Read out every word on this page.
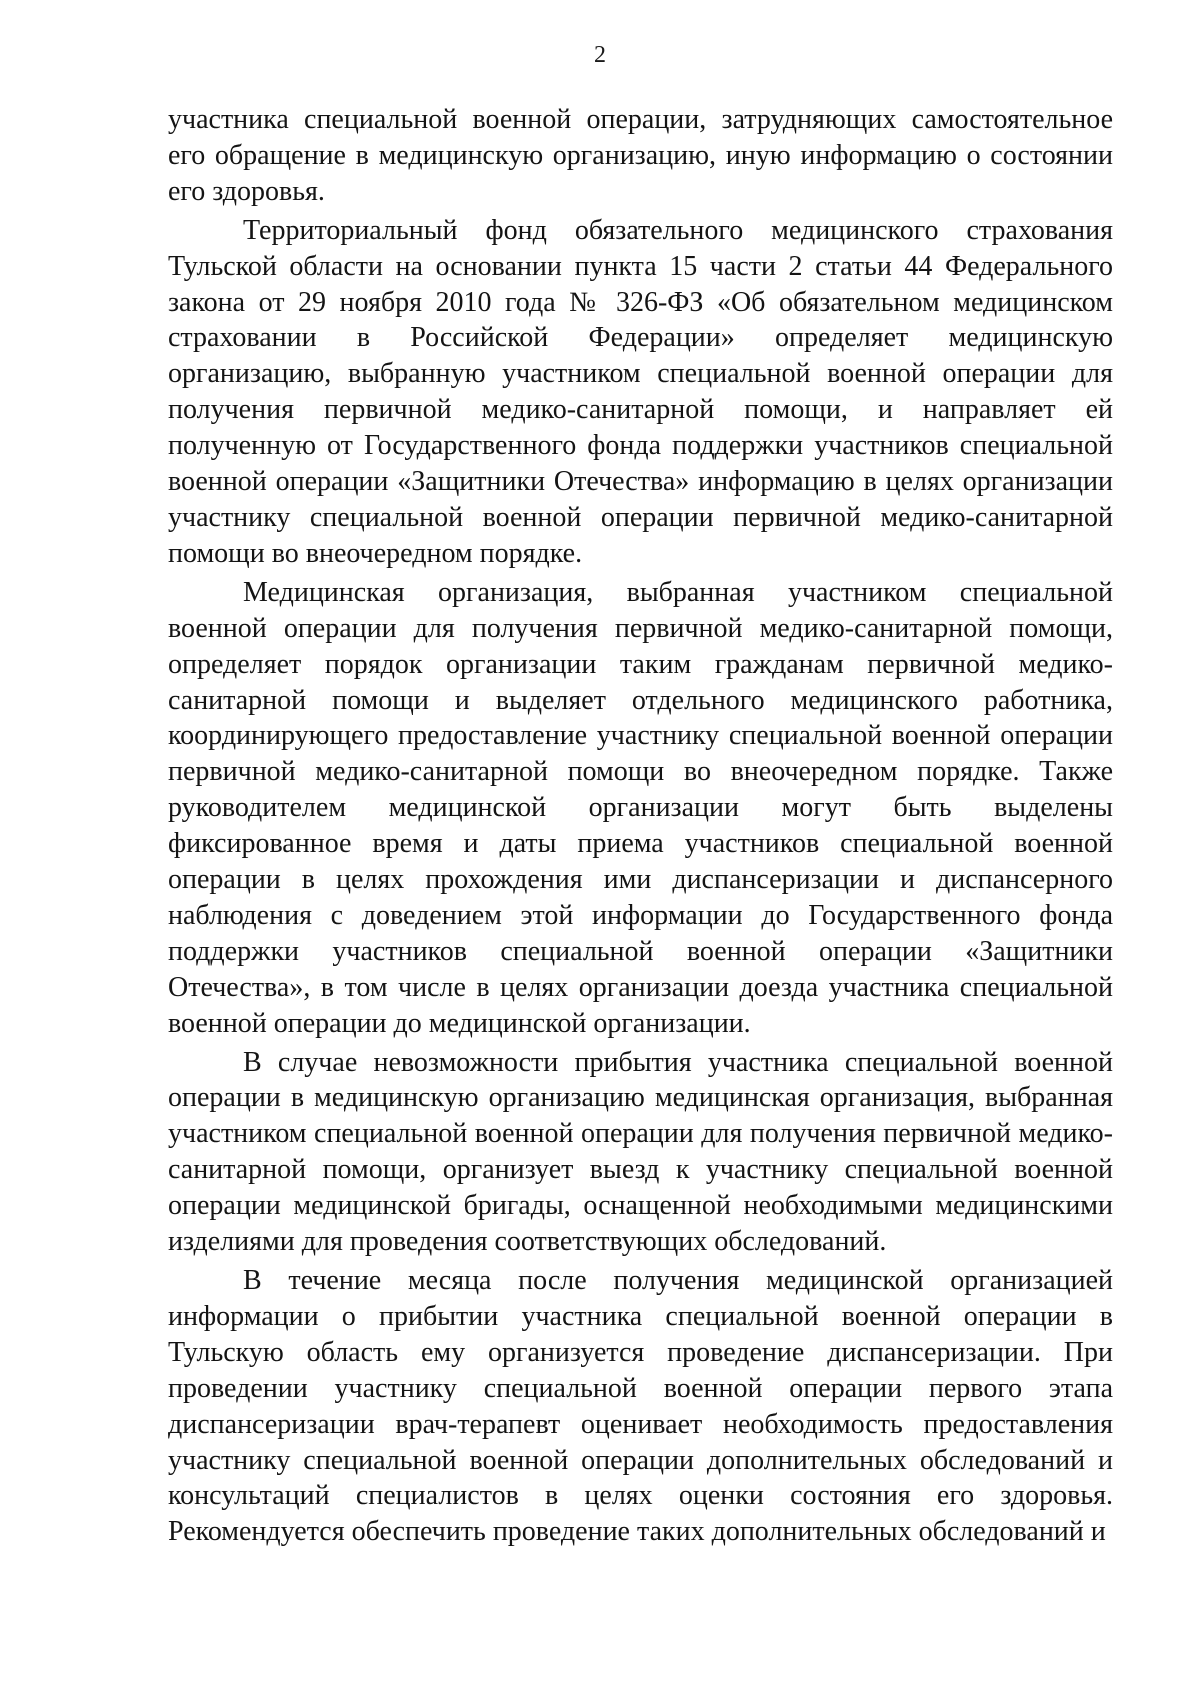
2

участника специальной военной операции, затрудняющих самостоятельное его обращение в медицинскую организацию, иную информацию о состоянии его здоровья.

Территориальный фонд обязательного медицинского страхования Тульской области на основании пункта 15 части 2 статьи 44 Федерального закона от 29 ноября 2010 года № 326-ФЗ «Об обязательном медицинском страховании в Российской Федерации» определяет медицинскую организацию, выбранную участником специальной военной операции для получения первичной медико-санитарной помощи, и направляет ей полученную от Государственного фонда поддержки участников специальной военной операции «Защитники Отечества» информацию в целях организации участнику специальной военной операции первичной медико-санитарной помощи во внеочередном порядке.

Медицинская организация, выбранная участником специальной военной операции для получения первичной медико-санитарной помощи, определяет порядок организации таким гражданам первичной медико-санитарной помощи и выделяет отдельного медицинского работника, координирующего предоставление участнику специальной военной операции первичной медико-санитарной помощи во внеочередном порядке. Также руководителем медицинской организации могут быть выделены фиксированное время и даты приема участников специальной военной операции в целях прохождения ими диспансеризации и диспансерного наблюдения с доведением этой информации до Государственного фонда поддержки участников специальной военной операции «Защитники Отечества», в том числе в целях организации доезда участника специальной военной операции до медицинской организации.

В случае невозможности прибытия участника специальной военной операции в медицинскую организацию медицинская организация, выбранная участником специальной военной операции для получения первичной медико-санитарной помощи, организует выезд к участнику специальной военной операции медицинской бригады, оснащенной необходимыми медицинскими изделиями для проведения соответствующих обследований.

В течение месяца после получения медицинской организацией информации о прибытии участника специальной военной операции в Тульскую область ему организуется проведение диспансеризации. При проведении участнику специальной военной операции первого этапа диспансеризации врач-терапевт оценивает необходимость предоставления участнику специальной военной операции дополнительных обследований и консультаций специалистов в целях оценки состояния его здоровья. Рекомендуется обеспечить проведение таких дополнительных обследований и
